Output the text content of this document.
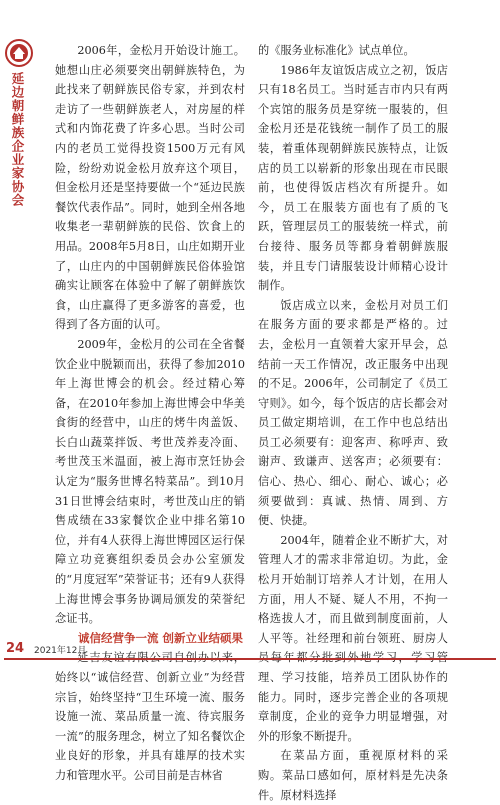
延边朝鲜族企业家协会

2006年，金松月开始设计施工。她想山庄必须要突出朝鲜族特色，为此找来了朝鲜族民俗专家，并到农村走访了一些朝鲜族老人，对房屋的样式和内饰花费了许多心思。当时公司内的老员工觉得投资1500万元有风险，纷纷劝说金松月放弃这个项目，但金松月还是坚持要做一个“延边民族餐饮代表作品”。同时，她到全州各地收集老一辈朝鲜族的民俗、饮食上的用品。2008年5月8日，山庄如期开业了，山庄内的中国朝鲜族民俗体验馆确实让顾客在体验中了解了朝鲜族饮食，山庄赢得了更多游客的喜爱，也得到了各方面的认可。

2009年，金松月的公司在全省餐饮企业中脱颖而出，获得了参加2010年上海世博会的机会。经过精心筹备，在2010年参加上海世博会中华美食街的经营中，山庄的烤牛肉盖饭、长白山蔬菜拌饭、考世茂养麦冷面、考世茂玉米温面，被上海市烹饪协会认定为“服务世博名特菜品”。到10月31日世博会结束时，考世茂山庄的销售成绩在33家餐饮企业中排名第10位，并有4人获得上海世博园区运行保障立功竞赛组织委员会办公室颁发的“月度冠军”荣誉证书；还有9人获得上海世博会事务协调局颁发的荣誉纪念证书。

诚信经营争一流 创新立业结硕果

始终以“诚信经营、创新立业”为经营宗旨，始终坚持“卫生环境一流、服务设施一流、菜品质量一流、待宾服务一流”的服务理念，树立了知名餐饮企业良好的形象，并具有雄厚的技术实力和管理水平。公司目前是吉林省

的《服务业标准化》试点单位。

1986年友谊饭店成立之初，饭店只有18名员工。当时延吉市内只有两个宾馆的服务员是穿统一服装的，但金松月还是花钱统一制作了员工的服装，着重体现朝鲜族民族特点，让饭店的员工以崭新的形象出现在市民眼前，也使得饭店档次有所提升。如今，员工在服装方面也有了质的飞跃，管理层员工的服装统一样式，前台接待、服务员等都身着朝鲜族服装，并且专门请服装设计师精心设计制作。

饭店成立以来，金松月对员工们在服务方面的要求都是严格的。过去，金松月一直领着大家开早会，总结前一天工作情况，改正服务中出现的不足。2006年，公司制定了《员工守则》。如今，每个饭店的店长都会对员工做定期培训，在工作中也总结出员工必须要有：迎客声、称呼声、致谢声、致谦声、送客声；必须要有：信心、热心、细心、耐心、诚心；必须要做到：真诚、热情、周到、方便、快捷。

2004年，随着企业不断扩大，对管理人才的需求非常迫切。为此，金松月开始制订培养人才计划，在用人方面，用人不疑、疑人不用，不拘一格选拔人才，而且做到制度面前，人人平等。社经理和前台领班、厨房人 理、学习技能，培养员工团队协作的能力。同时，逐步完善企业的各项规章制度，企业的竞争力明显增强，对外的形象不断提升。

在菜品方面，重视原材料的采购。菜品口感如何，原材料是先决条件。原材料选择

24 2021年12月
